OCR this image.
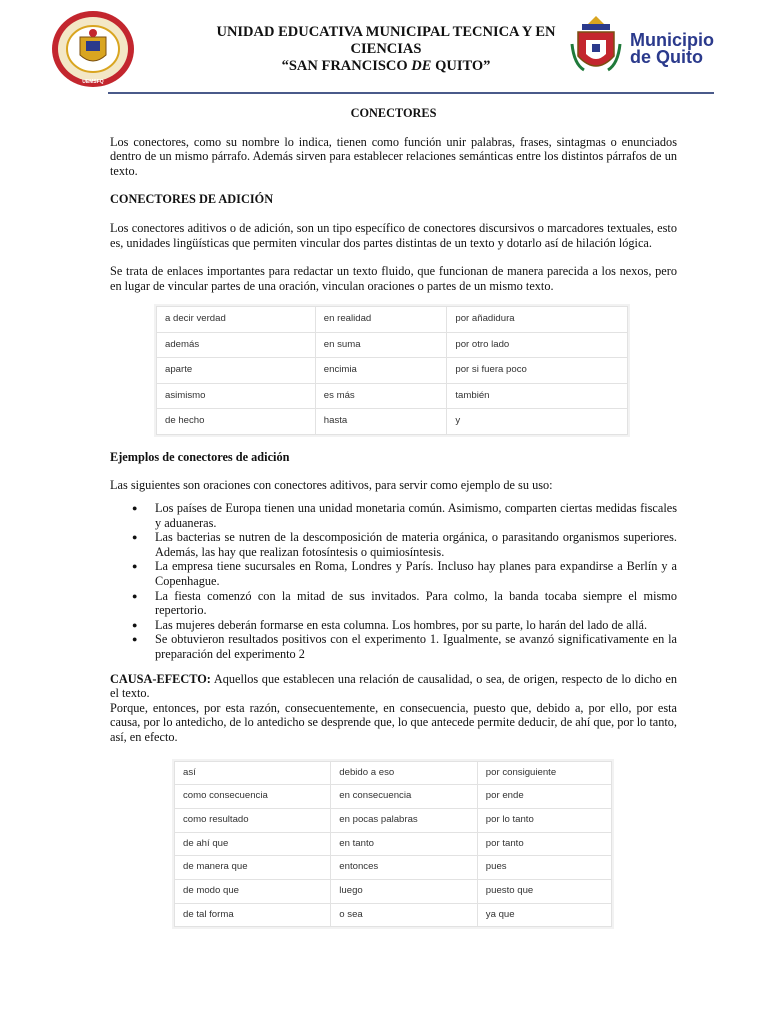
UEMSFQ
UNIDAD EDUCATIVA MUNICIPAL TECNICA Y EN
CIENCIAS
“SAN FRANCISCO DE QUITO”
Municipio
de Quito

CONECTORES

Los conectores, como su nombre lo indica, tienen como función unir palabras, frases, sintagmas o enunciados dentro de un mismo párrafo. Además sirven para establecer relaciones semánticas entre los distintos párrafos de un texto.

CONECTORES DE ADICIÓN

Los conectores aditivos o de adición, son un tipo específico de conectores discursivos o marcadores textuales, esto es, unidades lingüísticas que permiten vincular dos partes distintas de un texto y dotarlo así de hilación lógica.

Se trata de enlaces importantes para redactar un texto fluido, que funcionan de manera parecida a los nexos, pero en lugar de vincular partes de una oración, vinculan oraciones o partes de un mismo texto.

a decir verdad	en realidad	por añadidura
además	en suma	por otro lado
aparte	encimia	por si fuera poco
asimismo	es más	también
de hecho	hasta	y

Ejemplos de conectores de adición

Las siguientes son oraciones con conectores aditivos, para servir como ejemplo de su uso:

● Los países de Europa tienen una unidad monetaria común. Asimismo, comparten ciertas medidas fiscales y aduaneras.
● Las bacterias se nutren de la descomposición de materia orgánica, o parasitando organismos superiores. Además, las hay que realizan fotosíntesis o quimiosíntesis.
● La empresa tiene sucursales en Roma, Londres y París. Incluso hay planes para expandirse a Berlín y a Copenhague.
● La fiesta comenzó con la mitad de sus invitados. Para colmo, la banda tocaba siempre el mismo repertorio.
● Las mujeres deberán formarse en esta columna. Los hombres, por su parte, lo harán del lado de allá.
● Se obtuvieron resultados positivos con el experimento 1. Igualmente, se avanzó significativamente en la preparación del experimento 2

CAUSA-EFECTO: Aquellos que establecen una relación de causalidad, o sea, de origen, respecto de lo dicho en el texto.

Porque, entonces, por esta razón, consecuentemente, en consecuencia, puesto que, debido a, por ello, por esta causa, por lo antedicho, de lo antedicho se desprende que, lo que antecede permite deducir, de ahí que, por lo tanto, así, en efecto.

así	debido a eso	por consiguiente
como consecuencia	en consecuencia	por ende
como resultado	en pocas palabras	por lo tanto
de ahí que	en tanto	por tanto
de manera que	entonces	pues
de modo que	luego	puesto que
de tal forma	o sea	ya que
